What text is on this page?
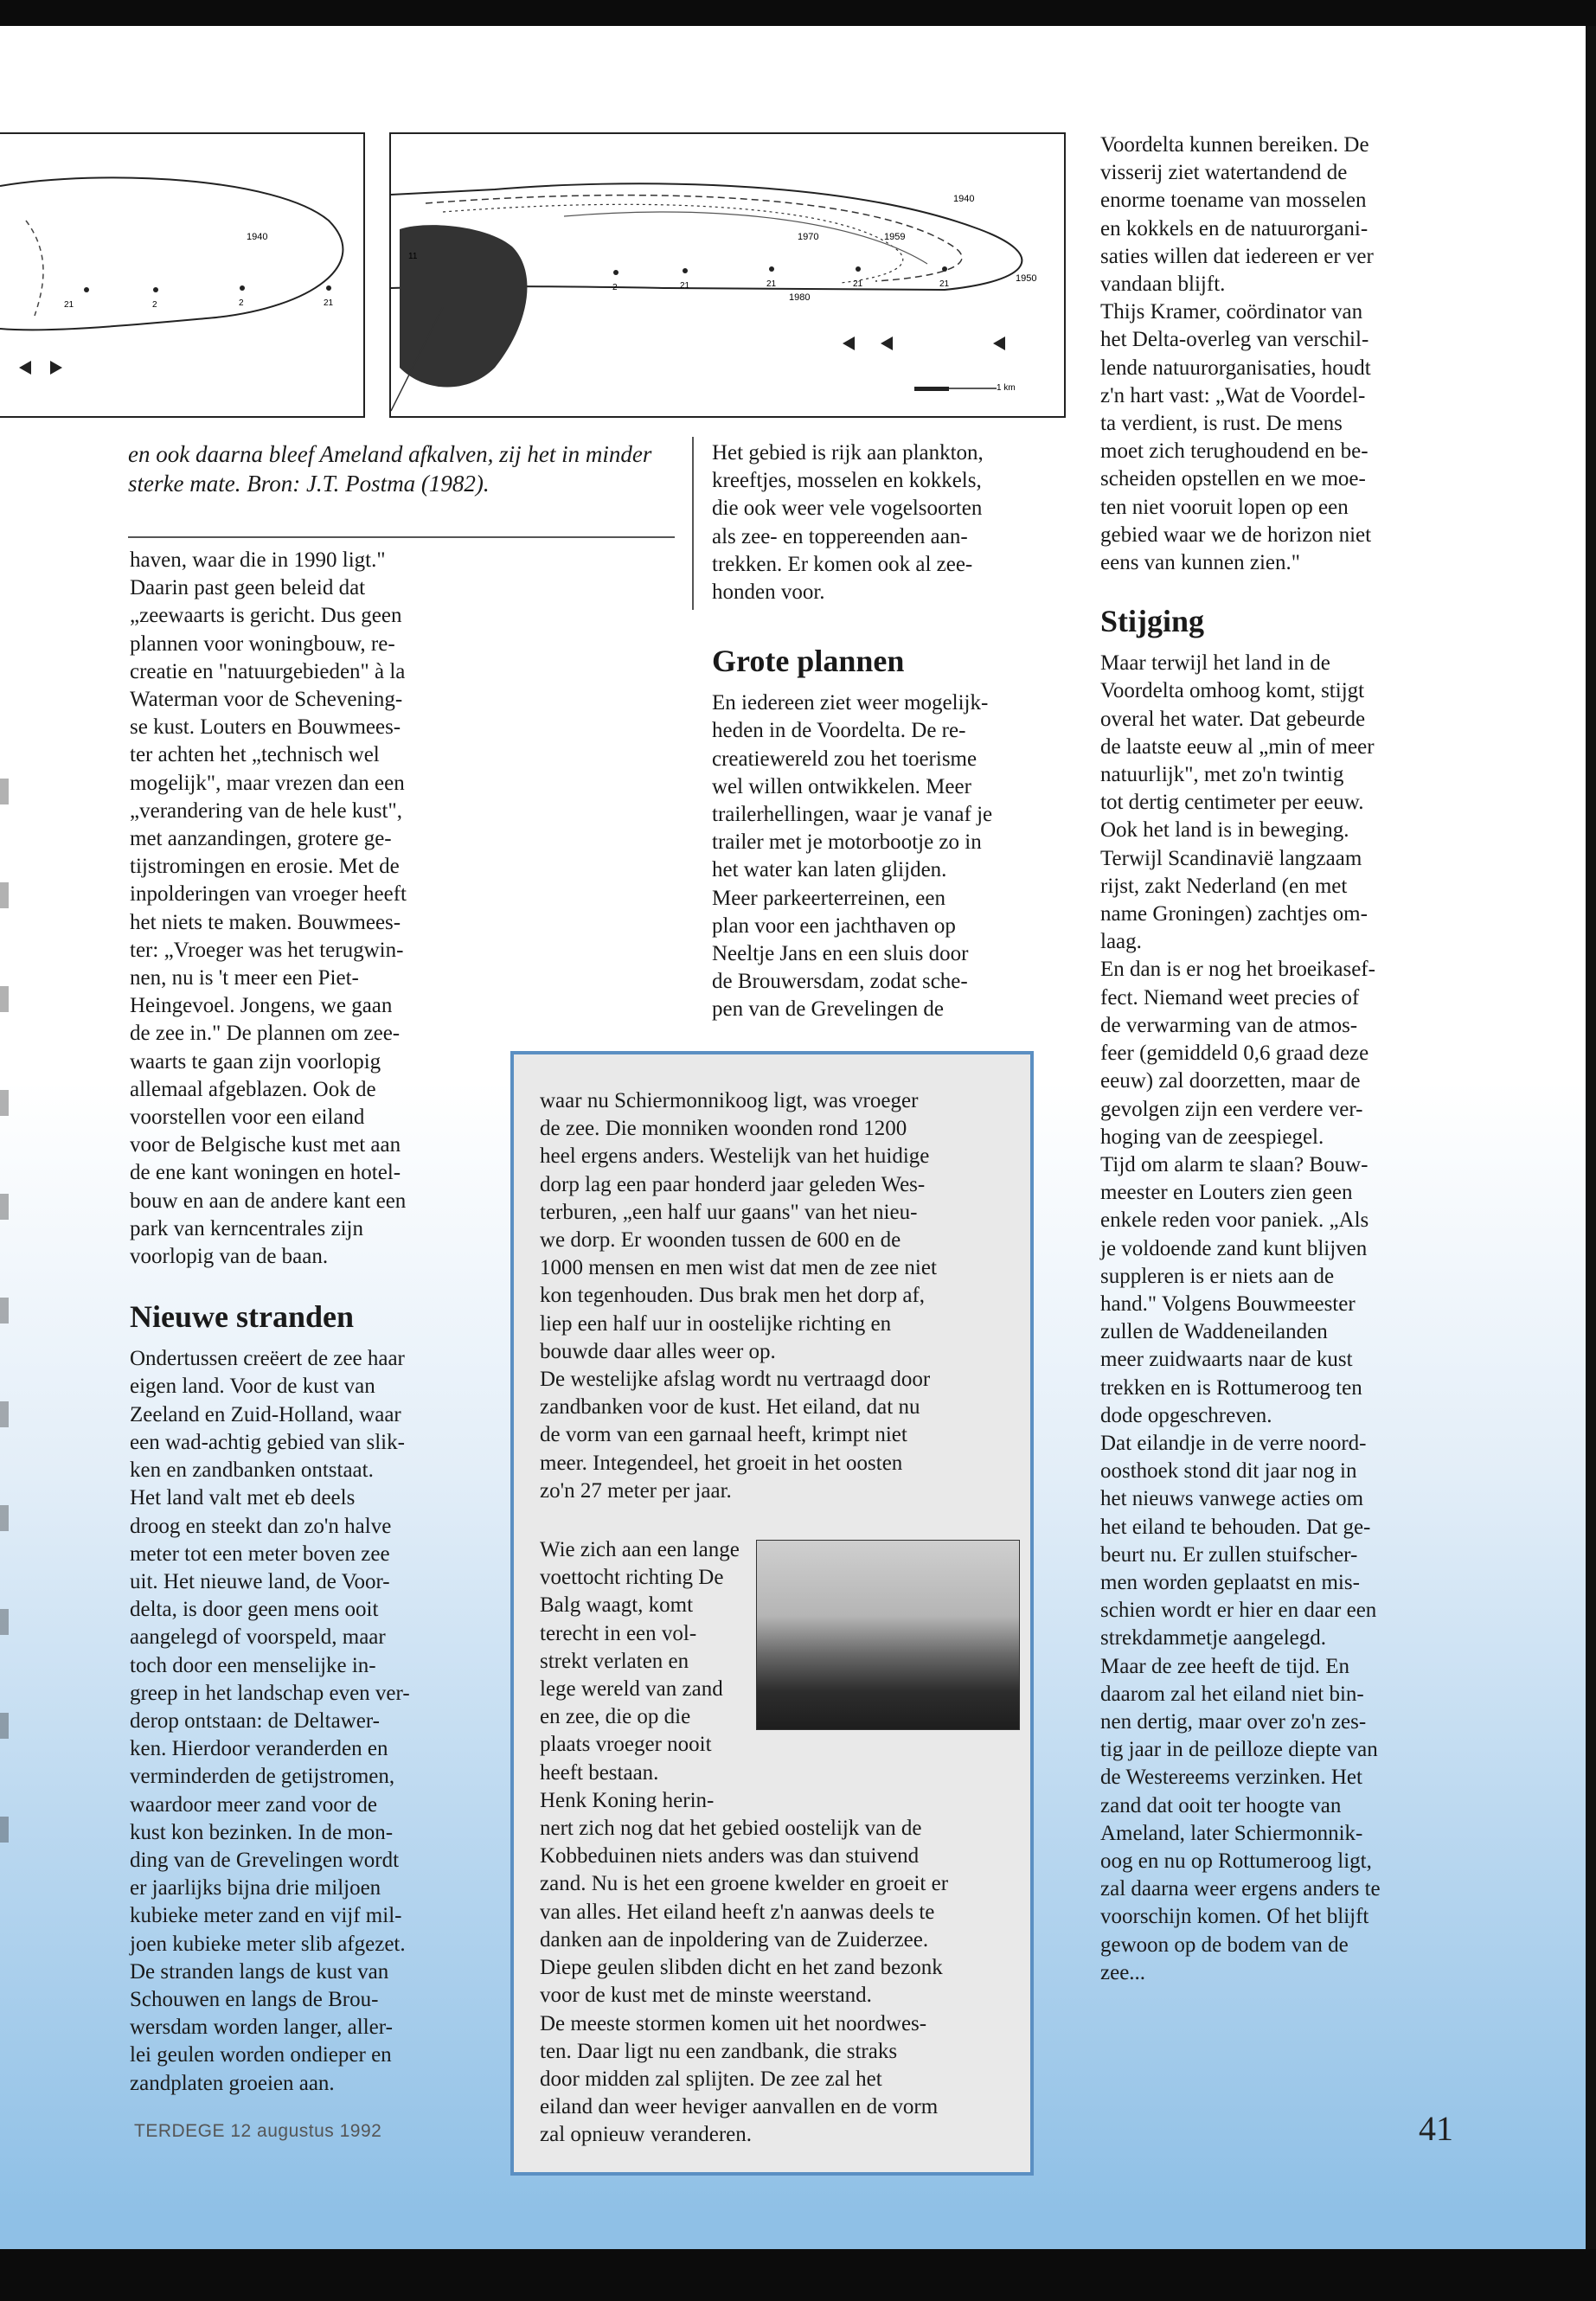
1940
21	2	2	21
1940
1970	1959
1980
1950
11
2	21	21	21	21
1 km
en ook daarna bleef Ameland afkalven, zij het in minder sterke mate. Bron: J.T. Postma (1982).

haven, waar die in 1990 ligt."

Daarin past geen beleid dat

„zeewaarts is gericht. Dus geen

plannen voor woningbouw, re-

creatie en "natuurgebieden" à la

Waterman voor de Schevening-

se kust. Louters en Bouwmees-

ter achten het „technisch wel

mogelijk", maar vrezen dan een

„verandering van de hele kust",

met aanzandingen, grotere ge-

tijstromingen en erosie. Met de

inpolderingen van vroeger heeft

het niets te maken. Bouwmees-

ter: „Vroeger was het terugwin-

nen, nu is 't meer een Piet-

Heingevoel. Jongens, we gaan

de zee in." De plannen om zee-

waarts te gaan zijn voorlopig

allemaal afgeblazen. Ook de

voorstellen voor een eiland

voor de Belgische kust met aan

de ene kant woningen en hotel-

bouw en aan de andere kant een

park van kerncentrales zijn

voorlopig van de baan.

Nieuwe stranden

Ondertussen creëert de zee haar

eigen land. Voor de kust van

Zeeland en Zuid-Holland, waar

een wad-achtig gebied van slik-

ken en zandbanken ontstaat.

Het land valt met eb deels

droog en steekt dan zo'n halve

meter tot een meter boven zee

uit. Het nieuwe land, de Voor-

delta, is door geen mens ooit

aangelegd of voorspeld, maar

toch door een menselijke in-

greep in het landschap even ver-

derop ontstaan: de Deltawer-

ken. Hierdoor veranderden en

verminderden de getijstromen,

waardoor meer zand voor de

kust kon bezinken. In de mon-

ding van de Grevelingen wordt

er jaarlijks bijna drie miljoen

kubieke meter zand en vijf mil-

joen kubieke meter slib afgezet.

De stranden langs de kust van

Schouwen en langs de Brou-

wersdam worden langer, aller-

lei geulen worden ondieper en

zandplaten groeien aan.

Het gebied is rijk aan plankton,

kreeftjes, mosselen en kokkels,

die ook weer vele vogelsoorten

als zee- en toppereenden aan-

trekken. Er komen ook al zee-

honden voor.

Grote plannen

En iedereen ziet weer mogelijk-

heden in de Voordelta. De re-

creatiewereld zou het toerisme

wel willen ontwikkelen. Meer

trailerhellingen, waar je vanaf je

trailer met je motorbootje zo in

het water kan laten glijden.

Meer parkeerterreinen, een

plan voor een jachthaven op

Neeltje Jans en een sluis door

de Brouwersdam, zodat sche-

pen van de Grevelingen de

waar nu Schiermonnikoog ligt, was vroeger

de zee. Die monniken woonden rond 1200

heel ergens anders. Westelijk van het huidige

dorp lag een paar honderd jaar geleden Wes-

terburen, „een half uur gaans" van het nieu-

we dorp. Er woonden tussen de 600 en de

1000 mensen en men wist dat men de zee niet

kon tegenhouden. Dus brak men het dorp af,

liep een half uur in oostelijke richting en

bouwde daar alles weer op.

De westelijke afslag wordt nu vertraagd door

zandbanken voor de kust. Het eiland, dat nu

de vorm van een garnaal heeft, krimpt niet

meer. Integendeel, het groeit in het oosten

zo'n 27 meter per jaar.

Wie zich aan een lange voettocht richting De

Balg waagt, komt

terecht in een vol-

strekt verlaten en

lege wereld van zand

en zee, die op die

plaats vroeger nooit

heeft bestaan.

Henk Koning herin-

nert zich nog dat het gebied oostelijk van de

Kobbeduinen niets anders was dan stuivend

zand. Nu is het een groene kwelder en groeit er

van alles. Het eiland heeft z'n aanwas deels te

danken aan de inpoldering van de Zuiderzee.

Diepe geulen slibden dicht en het zand bezonk

voor de kust met de minste weerstand.

De meeste stormen komen uit het noordwes-

ten. Daar ligt nu een zandbank, die straks

door midden zal splijten. De zee zal het

eiland dan weer heviger aanvallen en de vorm

zal opnieuw veranderen.

Voordelta kunnen bereiken. De

visserij ziet watertandend de

enorme toename van mosselen

en kokkels en de natuurorgani-

saties willen dat iedereen er ver

vandaan blijft.

Thijs Kramer, coördinator van

het Delta-overleg van verschil-

lende natuurorganisaties, houdt

z'n hart vast: „Wat de Voordel-

ta verdient, is rust. De mens

moet zich terughoudend en be-

scheiden opstellen en we moe-

ten niet vooruit lopen op een

gebied waar we de horizon niet

eens van kunnen zien."

Stijging

Maar terwijl het land in de

Voordelta omhoog komt, stijgt

overal het water. Dat gebeurde

de laatste eeuw al „min of meer

natuurlijk", met zo'n twintig

tot dertig centimeter per eeuw.

Ook het land is in beweging.

Terwijl Scandinavië langzaam

rijst, zakt Nederland (en met

name Groningen) zachtjes om-

laag.

En dan is er nog het broeikasef-

fect. Niemand weet precies of

de verwarming van de atmos-

feer (gemiddeld 0,6 graad deze

eeuw) zal doorzetten, maar de

gevolgen zijn een verdere ver-

hoging van de zeespiegel.

Tijd om alarm te slaan? Bouw-

meester en Louters zien geen

enkele reden voor paniek. „Als

je voldoende zand kunt blijven

suppleren is er niets aan de

hand." Volgens Bouwmeester

zullen de Waddeneilanden

meer zuidwaarts naar de kust

trekken en is Rottumeroog ten

dode opgeschreven.

Dat eilandje in de verre noord-

oosthoek stond dit jaar nog in

het nieuws vanwege acties om

het eiland te behouden. Dat ge-

beurt nu. Er zullen stuifscher-

men worden geplaatst en mis-

schien wordt er hier en daar een

strekdammetje aangelegd.

Maar de zee heeft de tijd. En

daarom zal het eiland niet bin-

nen dertig, maar over zo'n zes-

tig jaar in de peilloze diepte van

de Westereems verzinken. Het

zand dat ooit ter hoogte van

Ameland, later Schiermonnik-

oog en nu op Rottumeroog ligt,

zal daarna weer ergens anders te

voorschijn komen. Of het blijft

gewoon op de bodem van de

zee...

TERDEGE 12 augustus 1992	41
